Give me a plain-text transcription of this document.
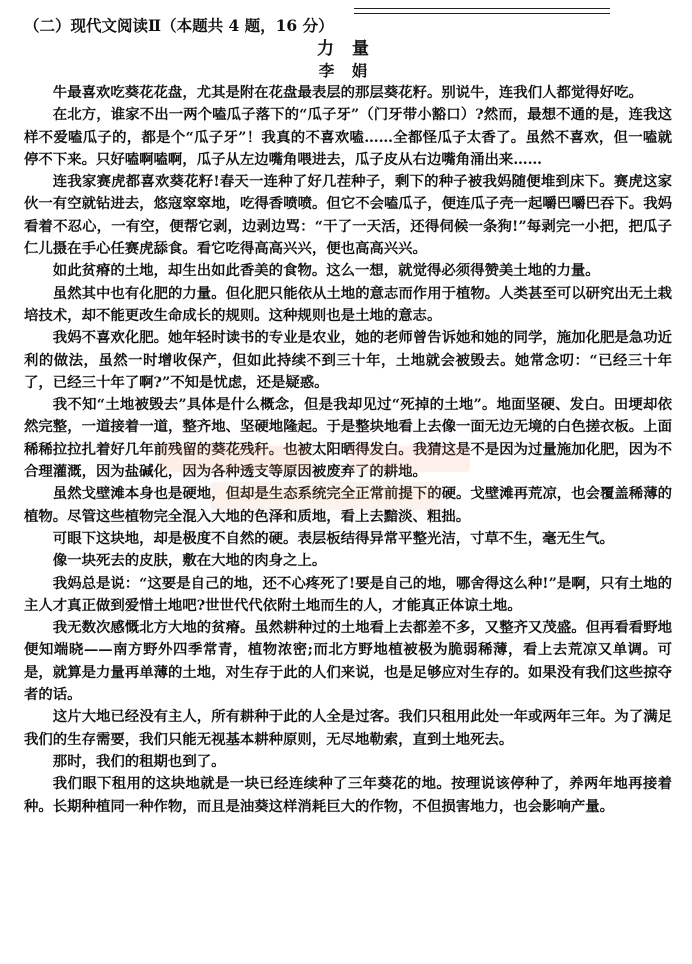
（二）现代文阅读Ⅱ（本题共 4 题，16 分）
力 量
李 娟

牛最喜欢吃葵花花盘，尤其是附在花盘最表层的那层葵花籽。别说牛，连我们人都觉得好吃。

在北方，谁家不出一两个嗑瓜子落下的“瓜子牙”（门牙带小豁口）?然而，最想不通的是，连我这样不爱嗑瓜子的，都是个“瓜子牙”！我真的不喜欢嗑……全都怪瓜子太香了。虽然不喜欢，但一嗑就停不下来。只好嗑啊嗑啊，瓜子从左边嘴角喂进去，瓜子皮从右边嘴角涌出来……

连我家赛虎都喜欢葵花籽!春天一连种了好几茬种子，剩下的种子被我妈随便堆到床下。赛虎这家伙一有空就钻进去，悠寇窣窣地，吃得香喷喷。但它不会嗑瓜子，便连瓜子壳一起嚼巴嚼巴吞下。我妈看着不忍心，一有空，便帮它剥，边剥边骂：“干了一天活，还得伺候一条狗!”每剥完一小把，把瓜子仁儿摄在手心任赛虎舔食。看它吃得高高兴兴，便也高高兴兴。

如此贫瘠的土地，却生出如此香美的食物。这么一想，就觉得必须得赞美土地的力量。

虽然其中也有化肥的力量。但化肥只能依从土地的意志而作用于植物。人类甚至可以研究出无土栽培技术，却不能更改生命成长的规则。这种规则也是土地的意志。

我妈不喜欢化肥。她年轻时读书的专业是农业，她的老师曾告诉她和她的同学，施加化肥是急功近利的做法，虽然一时增收保产，但如此持续不到三十年，土地就会被毁去。她常念叨：“已经三十年了，已经三十年了啊?”不知是忧虑，还是疑惑。

我不知“土地被毁去”具体是什么概念，但是我却见过“死掉的土地”。地面坚硬、发白。田埂却依然完整，一道接着一道，整齐地、坚硬地隆起。于是整块地看上去像一面无边无境的白色搓衣板。上面稀稀拉拉扎着好几年前残留的葵花残秆。也被太阳晒得发白。我猜这是不是因为过量施加化肥，因为不合理灌溉，因为盐碱化，因为各种透支等原因被废弃了的耕地。

虽然戈壁滩本身也是硬地，但却是生态系统完全正常前提下的硬。戈壁滩再荒凉，也会覆盖稀薄的植物。尽管这些植物完全混入大地的色泽和质地，看上去黯淡、粗拙。

可眼下这块地，却是极度不自然的硬。表层板结得异常平整光洁，寸草不生，毫无生气。

像一块死去的皮肤，敷在大地的肉身之上。

我妈总是说：“这要是自己的地，还不心疼死了!要是自己的地，哪舍得这么种!”是啊，只有土地的主人才真正做到爱惜土地吧?世世代代依附土地而生的人，才能真正体谅土地。

我无数次感慨北方大地的贫瘠。虽然耕种过的土地看上去都差不多，又整齐又茂盛。但再看看野地便知端晓——南方野外四季常青，植物浓密;而北方野地植被极为脆弱稀薄，看上去荒凉又单调。可是，就算是力量再单薄的土地，对生存于此的人们来说，也是足够应对生存的。如果没有我们这些掠夺者的话。

这片大地已经没有主人，所有耕种于此的人全是过客。我们只租用此处一年或两年三年。为了满足我们的生存需要，我们只能无视基本耕种原则，无尽地勒索，直到土地死去。

那时，我们的租期也到了。

我们眼下租用的这块地就是一块已经连续种了三年葵花的地。按理说该停种了，养两年地再接着种。长期种植同一种作物，而且是油葵这样消耗巨大的作物，不但损害地力，也会影响产量。
